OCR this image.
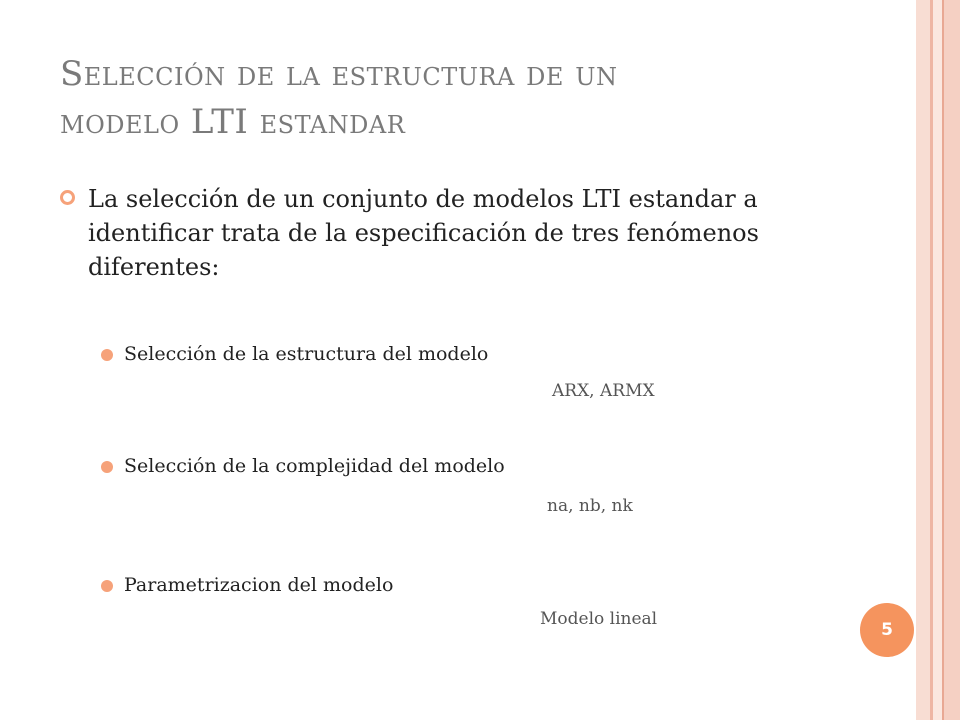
Selección de la estructura de un
modelo LTI estandar
La selección de un conjunto de modelos LTI estandar a identificar trata de la especificación de tres fenómenos diferentes:
Selección de la estructura del modelo
ARX, ARMX
Selección de la complejidad del modelo
na, nb, nk
Parametrizacion del modelo
Modelo lineal
5
